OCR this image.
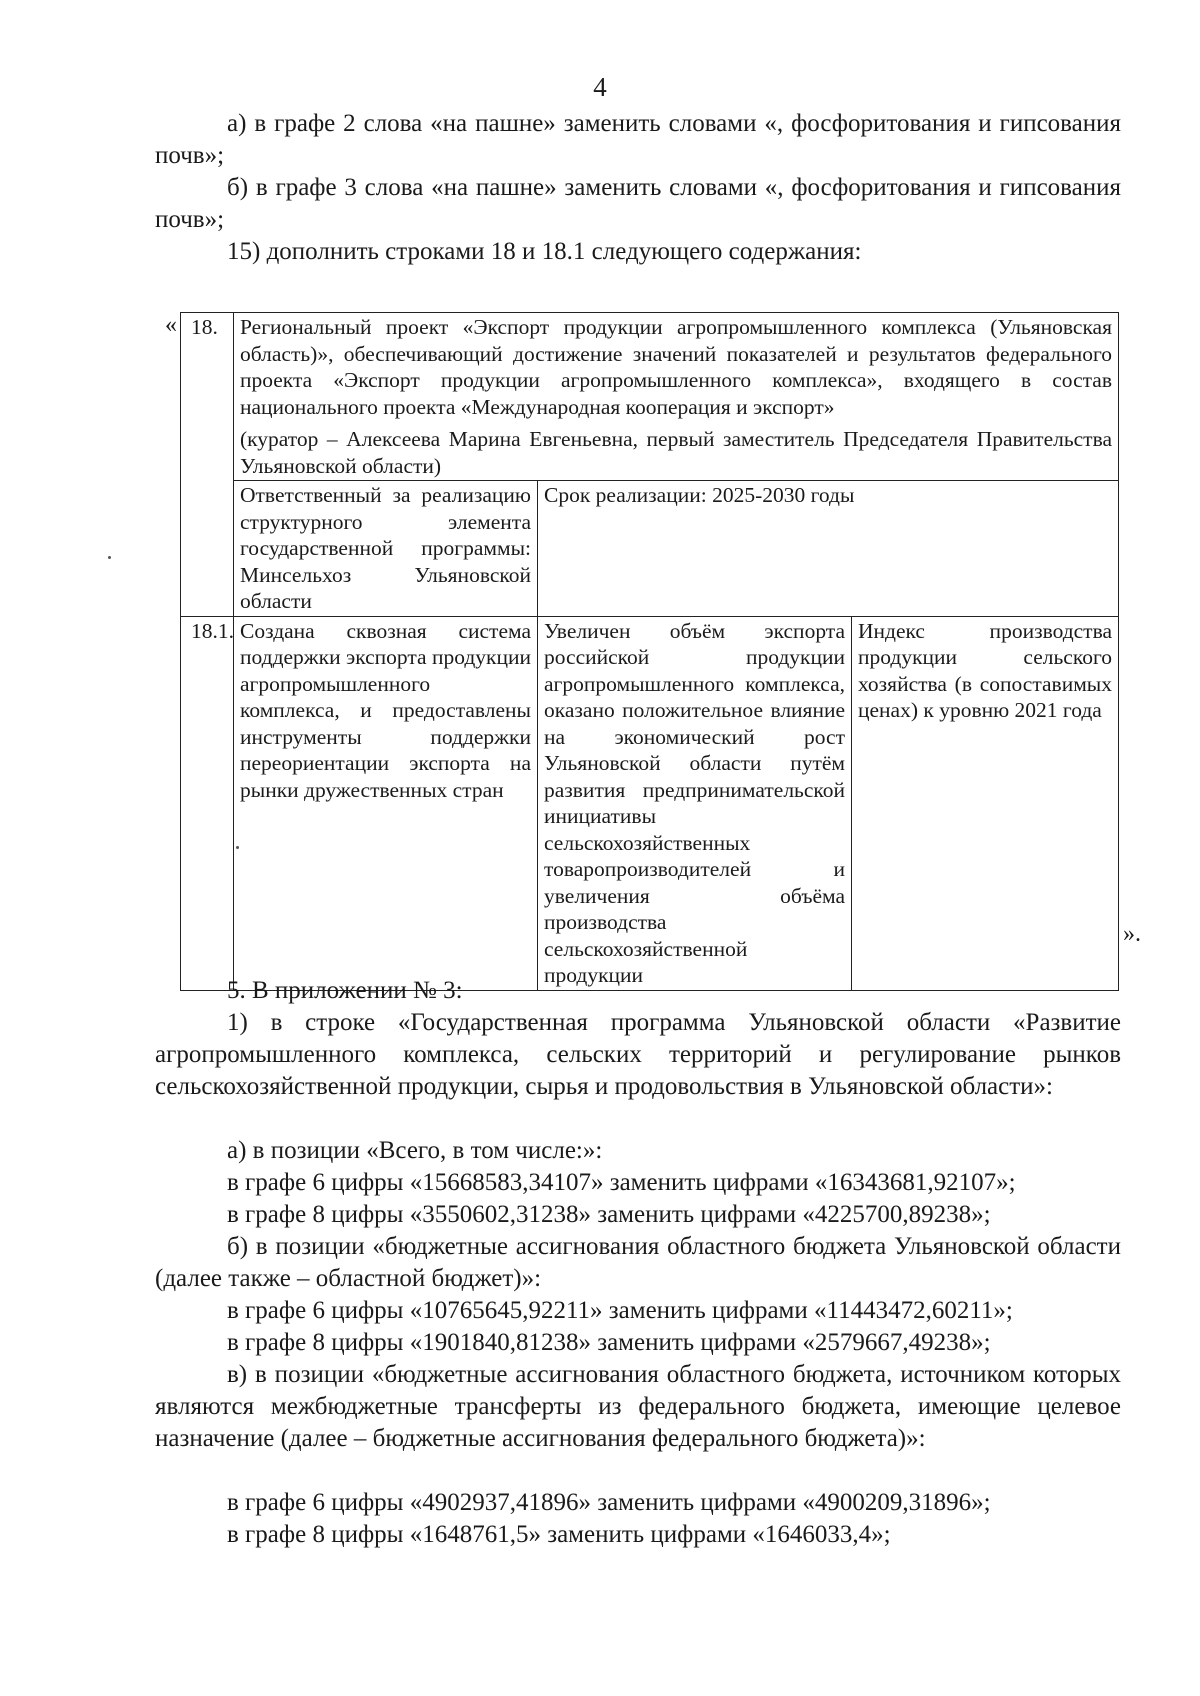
4

а) в графе 2 слова «на пашне» заменить словами «, фосфоритования и гипсования почв»;

б) в графе 3 слова «на пашне» заменить словами «, фосфоритования и гипсования почв»;

15) дополнить строками 18 и 18.1 следующего содержания:

« 18.	Региональный проект «Экспорт продукции агропромышленного комплекса (Ульяновская область)», обеспечивающий достижение значений показателей и результатов федерального проекта «Экспорт продукции агропромышленного комплекса», входящего в состав национального проекта «Международная кооперация и экспорт»
(куратор – Алексеева Марина Евгеньевна, первый заместитель Председателя Правительства Ульяновской области)		

	Ответственный за реализацию структурного элемента государственной программы: Минсельхоз Ульяновской области	Срок реализации: 2025-2030 годы	
18.1.	Создана сквозная система поддержки экспорта продукции агропромышленного комплекса, и предоставлены инструменты поддержки переориентации экспорта на рынки дружественных стран	Увеличен объём экспорта российской продукции агропромышленного комплекса, оказано положительное влияние на экономический рост Ульяновской области путём развития предпринимательской инициативы сельскохозяйственных товаропроизводителей и увеличения объёма производства сельскохозяйственной продукции	Индекс производства продукции сельского хозяйства (в сопоставимых ценах) к уровню 2021 года
».

5. В приложении № 3:

1) в строке «Государственная программа Ульяновской области «Развитие агропромышленного комплекса, сельских территорий и регулирование рынков сельскохозяйственной продукции, сырья и продовольствия в Ульяновской области»:

а) в позиции «Всего, в том числе:»:

в графе 6 цифры «15668583,34107» заменить цифрами «16343681,92107»;

в графе 8 цифры «3550602,31238» заменить цифрами «4225700,89238»;

б) в позиции «бюджетные ассигнования областного бюджета Ульяновской области (далее также – областной бюджет)»:

в графе 6 цифры «10765645,92211» заменить цифрами «11443472,60211»;

в графе 8 цифры «1901840,81238» заменить цифрами «2579667,49238»;

в) в позиции «бюджетные ассигнования областного бюджета, источником которых являются межбюджетные трансферты из федерального бюджета, имеющие целевое назначение (далее – бюджетные ассигнования федерального бюджета)»:

в графе 6 цифры «4902937,41896» заменить цифрами «4900209,31896»;

в графе 8 цифры «1648761,5» заменить цифрами «1646033,4»;
